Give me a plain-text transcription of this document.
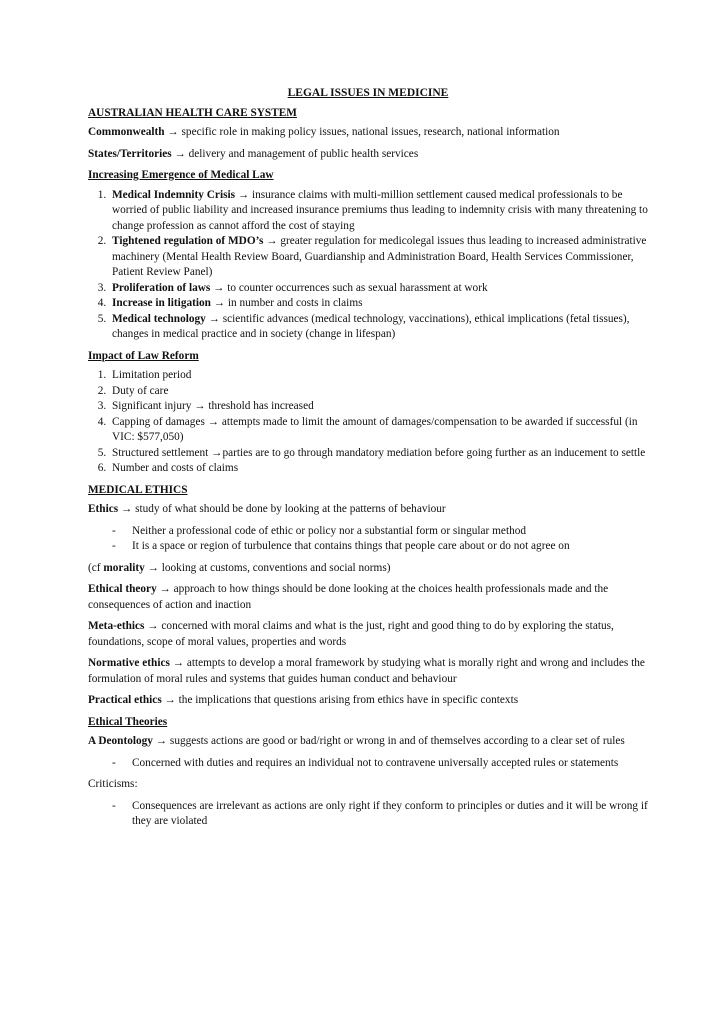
LEGAL ISSUES IN MEDICINE
AUSTRALIAN HEALTH CARE SYSTEM
Commonwealth → specific role in making policy issues, national issues, research, national information
States/Territories → delivery and management of public health services
Increasing Emergence of Medical Law
1. Medical Indemnity Crisis → insurance claims with multi-million settlement caused medical professionals to be worried of public liability and increased insurance premiums thus leading to indemnity crisis with many threatening to change profession as cannot afford the cost of staying
2. Tightened regulation of MDO’s → greater regulation for medicolegal issues thus leading to increased administrative machinery (Mental Health Review Board, Guardianship and Administration Board, Health Services Commissioner, Patient Review Panel)
3. Proliferation of laws → to counter occurrences such as sexual harassment at work
4. Increase in litigation → in number and costs in claims
5. Medical technology → scientific advances (medical technology, vaccinations), ethical implications (fetal tissues), changes in medical practice and in society (change in lifespan)
Impact of Law Reform
1. Limitation period
2. Duty of care
3. Significant injury → threshold has increased
4. Capping of damages → attempts made to limit the amount of damages/compensation to be awarded if successful (in VIC: $577,050)
5. Structured settlement →parties are to go through mandatory mediation before going further as an inducement to settle
6. Number and costs of claims
MEDICAL ETHICS
Ethics → study of what should be done by looking at the patterns of behaviour
- Neither a professional code of ethic or policy nor a substantial form or singular method
- It is a space or region of turbulence that contains things that people care about or do not agree on
(cf morality → looking at customs, conventions and social norms)
Ethical theory → approach to how things should be done looking at the choices health professionals made and the consequences of action and inaction
Meta-ethics → concerned with moral claims and what is the just, right and good thing to do by exploring the status, foundations, scope of moral values, properties and words
Normative ethics → attempts to develop a moral framework by studying what is morally right and wrong and includes the formulation of moral rules and systems that guides human conduct and behaviour
Practical ethics → the implications that questions arising from ethics have in specific contexts
Ethical Theories
A Deontology → suggests actions are good or bad/right or wrong in and of themselves according to a clear set of rules
- Concerned with duties and requires an individual not to contravene universally accepted rules or statements
Criticisms:
- Consequences are irrelevant as actions are only right if they conform to principles or duties and it will be wrong if they are violated
